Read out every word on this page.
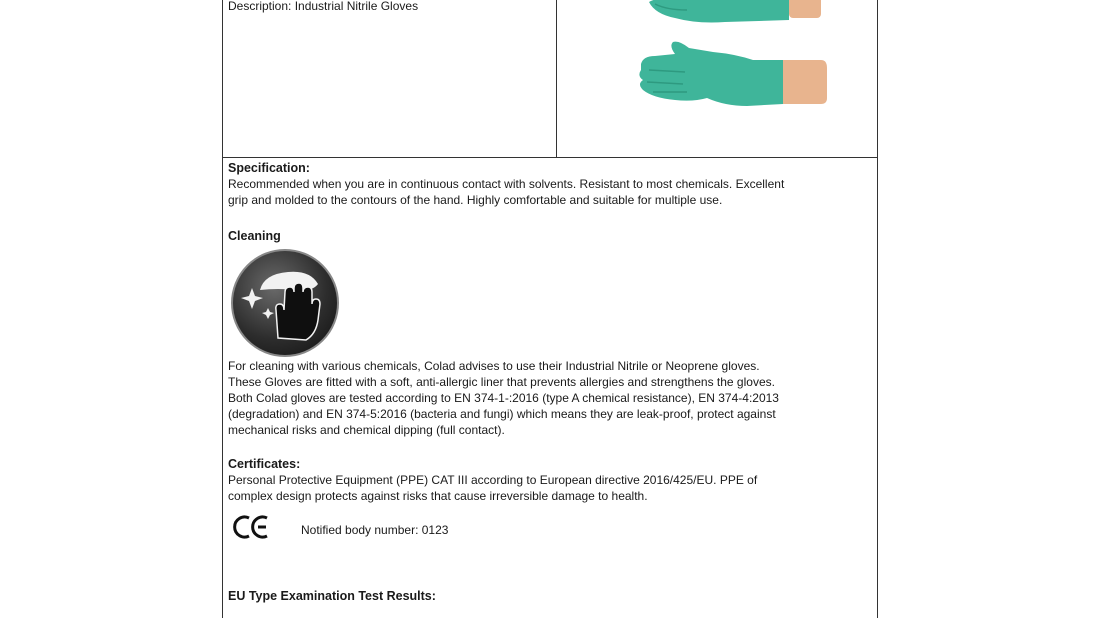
Description: Industrial Nitrile Gloves
Specification:

Recommended when you are in continuous contact with solvents. Resistant to most chemicals. Excellent

grip and molded to the contours of the hand. Highly comfortable and suitable for multiple use.

Cleaning

For cleaning with various chemicals, Colad advises to use their Industrial Nitrile or Neoprene gloves.

These Gloves are fitted with a soft, anti-allergic liner that prevents allergies and strengthens the gloves.

Both Colad gloves are tested according to EN 374-1-:2016 (type A chemical resistance), EN 374-4:2013

(degradation) and EN 374-5:2016 (bacteria and fungi) which means they are leak-proof, protect against

mechanical risks and chemical dipping (full contact).

Certificates:

Personal Protective Equipment (PPE) CAT III according to European directive 2016/425/EU. PPE of

complex design protects against risks that cause irreversible damage to health.

Notified body number: 0123
EU Type Examination Test Results:
